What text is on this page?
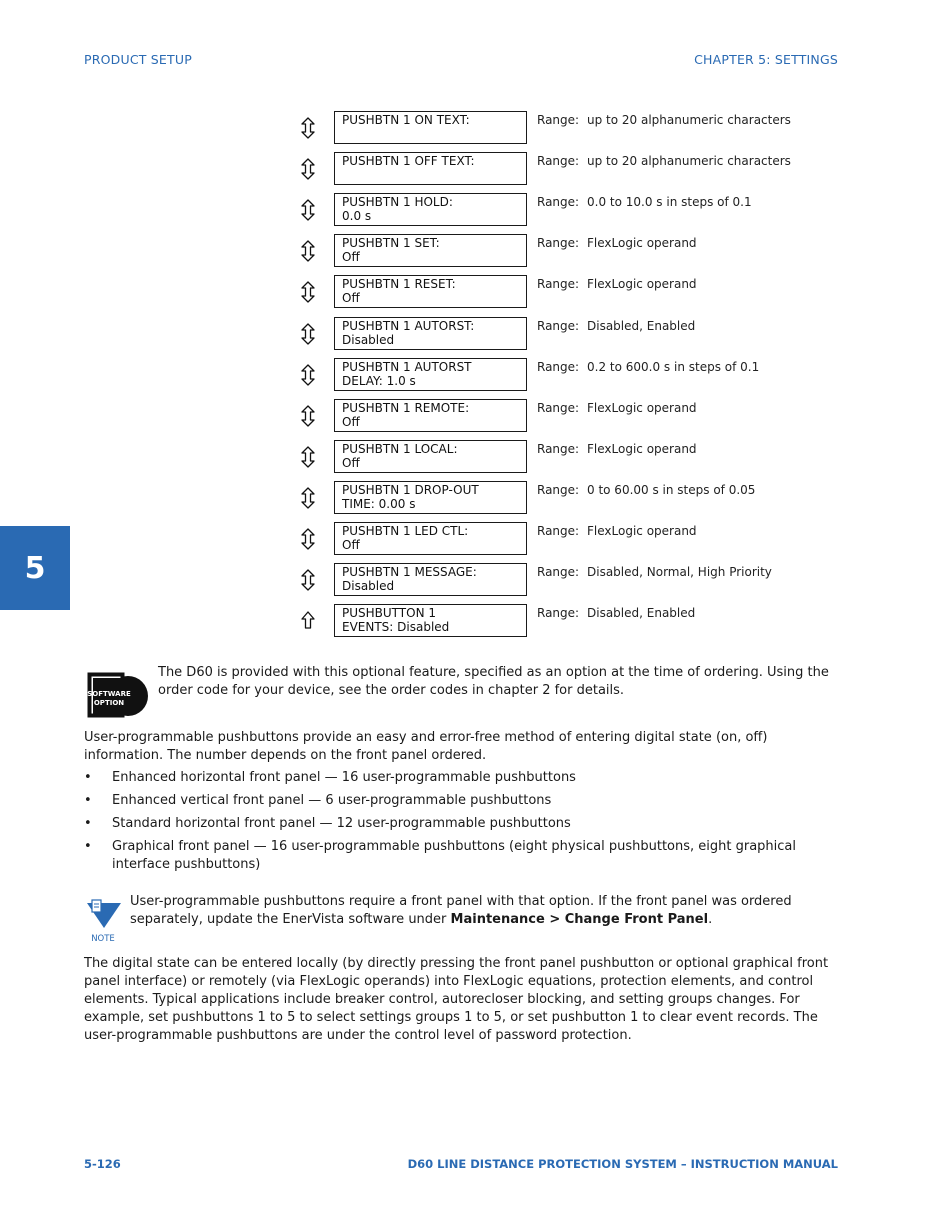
PRODUCT SETUP	CHAPTER 5: SETTINGS
5
PUSHBTN 1 ON TEXT:	Range: up to 20 alphanumeric characters
PUSHBTN 1 OFF TEXT:	Range: up to 20 alphanumeric characters
PUSHBTN 1 HOLD:
0.0 s
Range: 0.0 to 10.0 s in steps of 0.1
PUSHBTN 1 SET:
Off
Range: FlexLogic operand
PUSHBTN 1 RESET:
Off
Range: FlexLogic operand
PUSHBTN 1 AUTORST:
Disabled
Range: Disabled, Enabled
PUSHBTN 1 AUTORST
DELAY: 1.0 s
Range: 0.2 to 600.0 s in steps of 0.1
PUSHBTN 1 REMOTE:
Off
Range: FlexLogic operand
PUSHBTN 1 LOCAL:
Off
Range: FlexLogic operand
PUSHBTN 1 DROP-OUT
TIME: 0.00 s
Range: 0 to 60.00 s in steps of 0.05
PUSHBTN 1 LED CTL:
Off
Range: FlexLogic operand
PUSHBTN 1 MESSAGE:
Disabled
Range: Disabled, Normal, High Priority
PUSHBUTTON 1
EVENTS: Disabled
Range: Disabled, Enabled
SOFTWARE
OPTION
The D60 is provided with this optional feature, specified as an option at the time of ordering. Using the order code for your device, see the order codes in chapter 2 for details.
User-programmable pushbuttons provide an easy and error-free method of entering digital state (on, off) information. The number depends on the front panel ordered.
• Enhanced horizontal front panel — 16 user-programmable pushbuttons
• Enhanced vertical front panel — 6 user-programmable pushbuttons
• Standard horizontal front panel — 12 user-programmable pushbuttons
• Graphical front panel — 16 user-programmable pushbuttons (eight physical pushbuttons, eight graphical interface pushbuttons)
NOTE
User-programmable pushbuttons require a front panel with that option. If the front panel was ordered separately, update the EnerVista software under Maintenance > Change Front Panel.
The digital state can be entered locally (by directly pressing the front panel pushbutton or optional graphical front panel interface) or remotely (via FlexLogic operands) into FlexLogic equations, protection elements, and control elements. Typical applications include breaker control, autorecloser blocking, and setting groups changes. For example, set pushbuttons 1 to 5 to select settings groups 1 to 5, or set pushbutton 1 to clear event records. The user-programmable pushbuttons are under the control level of password protection.
5-126	D60 LINE DISTANCE PROTECTION SYSTEM – INSTRUCTION MANUAL
